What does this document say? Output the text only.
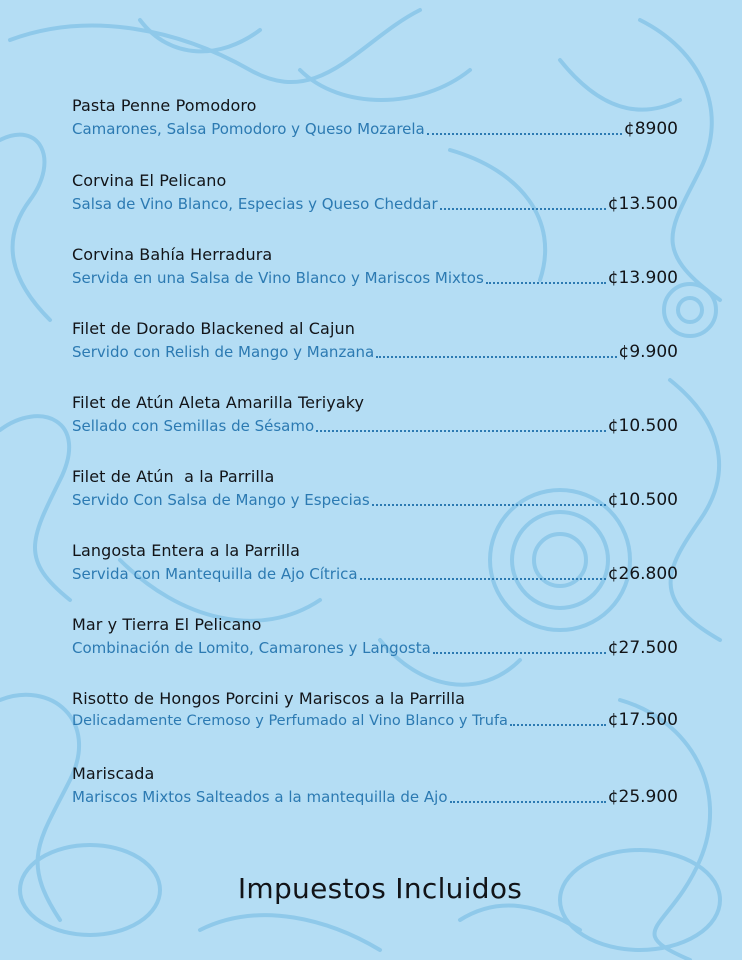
Pasta Penne Pomodoro
Camarones, Salsa Pomodoro y Queso Mozarela	¢8900
Corvina El Pelicano
Salsa de Vino Blanco, Especias y Queso Cheddar	¢13.500
Corvina Bahía Herradura
Servida en una Salsa de Vino Blanco y Mariscos Mixtos	¢13.900
Filet de Dorado Blackened al Cajun
Servido con Relish de Mango y Manzana	¢9.900
Filet de Atún Aleta Amarilla Teriyaky
Sellado con Semillas de Sésamo	¢10.500
Filet de Atún  a la Parrilla
Servido Con Salsa de Mango y Especias	¢10.500
Langosta Entera a la Parrilla
Servida con Mantequilla de Ajo Cítrica	¢26.800
Mar y Tierra El Pelicano
Combinación de Lomito, Camarones y Langosta	¢27.500
Risotto de Hongos Porcini y Mariscos a la Parrilla
Delicadamente Cremoso y Perfumado al Vino Blanco y Trufa	¢17.500
Mariscada
Mariscos Mixtos Salteados a la mantequilla de Ajo	¢25.900
Impuestos Incluidos
